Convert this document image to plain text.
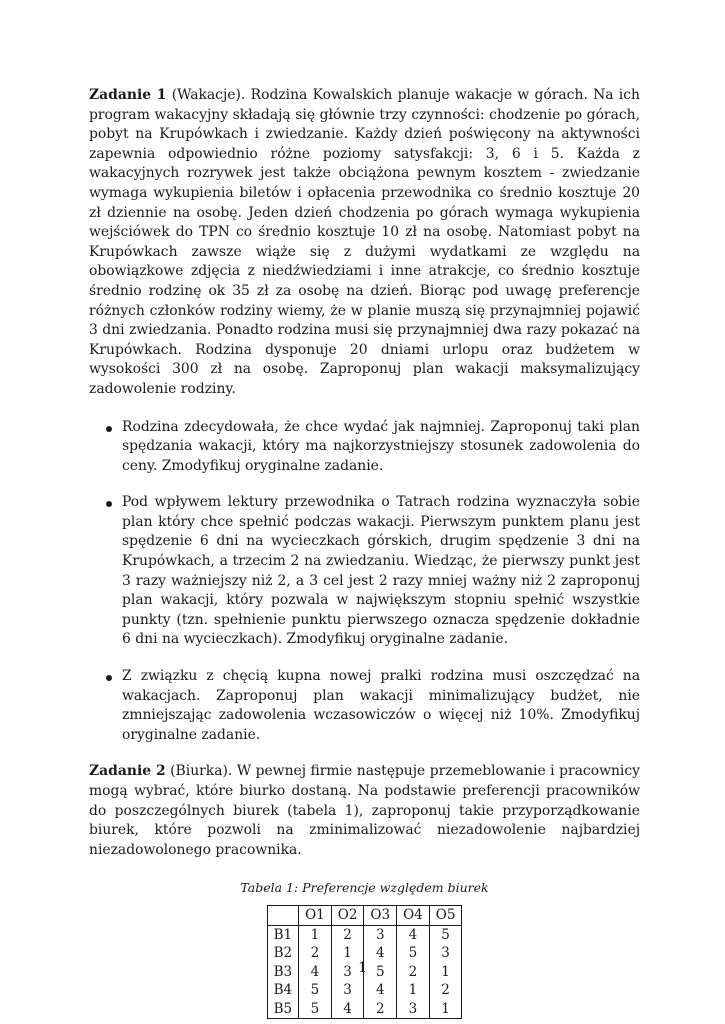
Zadanie 1 (Wakacje). Rodzina Kowalskich planuje wakacje w górach. Na ich program wakacyjny składają się głównie trzy czynności: chodzenie po górach, pobyt na Krupówkach i zwiedzanie. Każdy dzień poświęcony na aktywności zapewnia odpowiednio różne poziomy satysfakcji: 3, 6 i 5. Każda z wakacyjnych rozrywek jest także obciążona pewnym kosztem - zwiedzanie wymaga wykupienia biletów i opłacenia przewodnika co średnio kosztuje 20 zł dziennie na osobę. Jeden dzień chodzenia po górach wymaga wykupienia wejściówek do TPN co średnio kosztuje 10 zł na osobę. Natomiast pobyt na Krupówkach zawsze wiąże się z dużymi wydatkami ze względu na obowiązkowe zdjęcia z niedźwiedziami i inne atrakcje, co średnio kosztuje średnio rodzinę ok 35 zł za osobę na dzień. Biorąc pod uwagę preferencje różnych członków rodziny wiemy, że w planie muszą się przynajmniej pojawić 3 dni zwiedzania. Ponadto rodzina musi się przynajmniej dwa razy pokazać na Krupówkach. Rodzina dysponuje 20 dniami urlopu oraz budżetem w wysokości 300 zł na osobę. Zaproponuj plan wakacji maksymalizujący zadowolenie rodziny.

Rodzina zdecydowała, że chce wydać jak najmniej. Zaproponuj taki plan spędzania wakacji, który ma najkorzystniejszy stosunek zadowolenia do ceny. Zmodyfikuj oryginalne zadanie.

Pod wpływem lektury przewodnika o Tatrach rodzina wyznaczyła sobie plan który chce spełnić podczas wakacji. Pierwszym punktem planu jest spędzenie 6 dni na wycieczkach górskich, drugim spędzenie 3 dni na Krupówkach, a trzecim 2 na zwiedzaniu. Wiedząc, że pierwszy punkt jest 3 razy ważniejszy niż 2, a 3 cel jest 2 razy mniej ważny niż 2 zaproponuj plan wakacji, który pozwala w największym stopniu spełnić wszystkie punkty (tzn. spełnienie punktu pierwszego oznacza spędzenie dokładnie 6 dni na wycieczkach). Zmodyfikuj oryginalne zadanie.

Z związku z chęcią kupna nowej pralki rodzina musi oszczędzać na wakacjach. Zaproponuj plan wakacji minimalizujący budżet, nie zmniejszając zadowolenia wczasowiczów o więcej niż 10%. Zmodyfikuj oryginalne zadanie.

Zadanie 2 (Biurka). W pewnej firmie następuje przemeblowanie i pracownicy mogą wybrać, które biurko dostaną. Na podstawie preferencji pracowników do poszczególnych biurek (tabela 1), zaproponuj takie przyporządkowanie biurek, które pozwoli na zminimalizować niezadowolenie najbardziej niezadowolonego pracownika.

Tabela 1: Preferencje względem biurek
	O1	O2	O3	O4	O5
B1	1	2	3	4	5
B2	2	1	4	5	3
B3	4	3	5	2	1
B4	5	3	4	1	2
B5	5	4	2	3	1
1
